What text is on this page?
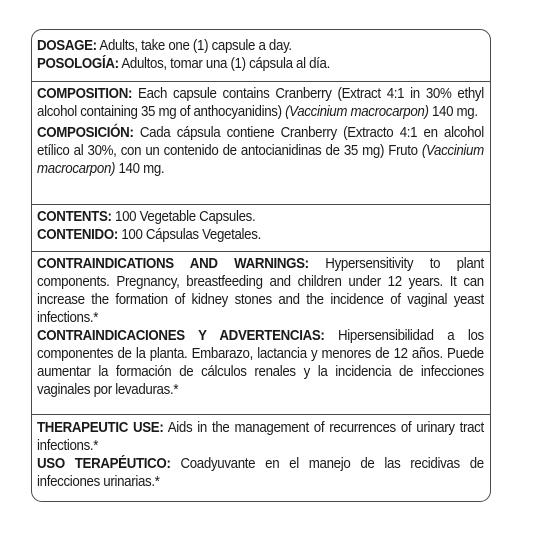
DOSAGE: Adults, take one (1) capsule a day.

POSOLOGÍA: Adultos, tomar una (1) cápsula al día.

COMPOSITION: Each capsule contains Cranberry (Extract 4:1 in 30% ethyl alcohol containing 35 mg of anthocyanidins) (Vaccinium macrocarpon) 140 mg.

COMPOSICIÓN: Cada cápsula contiene Cranberry (Extracto 4:1 en alcohol etílico al 30%, con un contenido de antocianidinas de 35 mg) Fruto (Vaccinium macrocarpon) 140 mg.

CONTENTS: 100 Vegetable Capsules.

CONTENIDO: 100 Cápsulas Vegetales.

CONTRAINDICATIONS AND WARNINGS: Hypersensitivity to plant components. Pregnancy, breastfeeding and children under 12 years. It can increase the formation of kidney stones and the incidence of vaginal yeast infections.*

CONTRAINDICACIONES Y ADVERTENCIAS: Hipersensibilidad a los componentes de la planta. Embarazo, lactancia y menores de 12 años. Puede aumentar la formación de cálculos renales y la incidencia de infecciones vaginales por levaduras.*

THERAPEUTIC USE: Aids in the management of recurrences of urinary tract infections.*

USO TERAPÉUTICO: Coadyuvante en el manejo de las recidivas de infecciones urinarias.*
